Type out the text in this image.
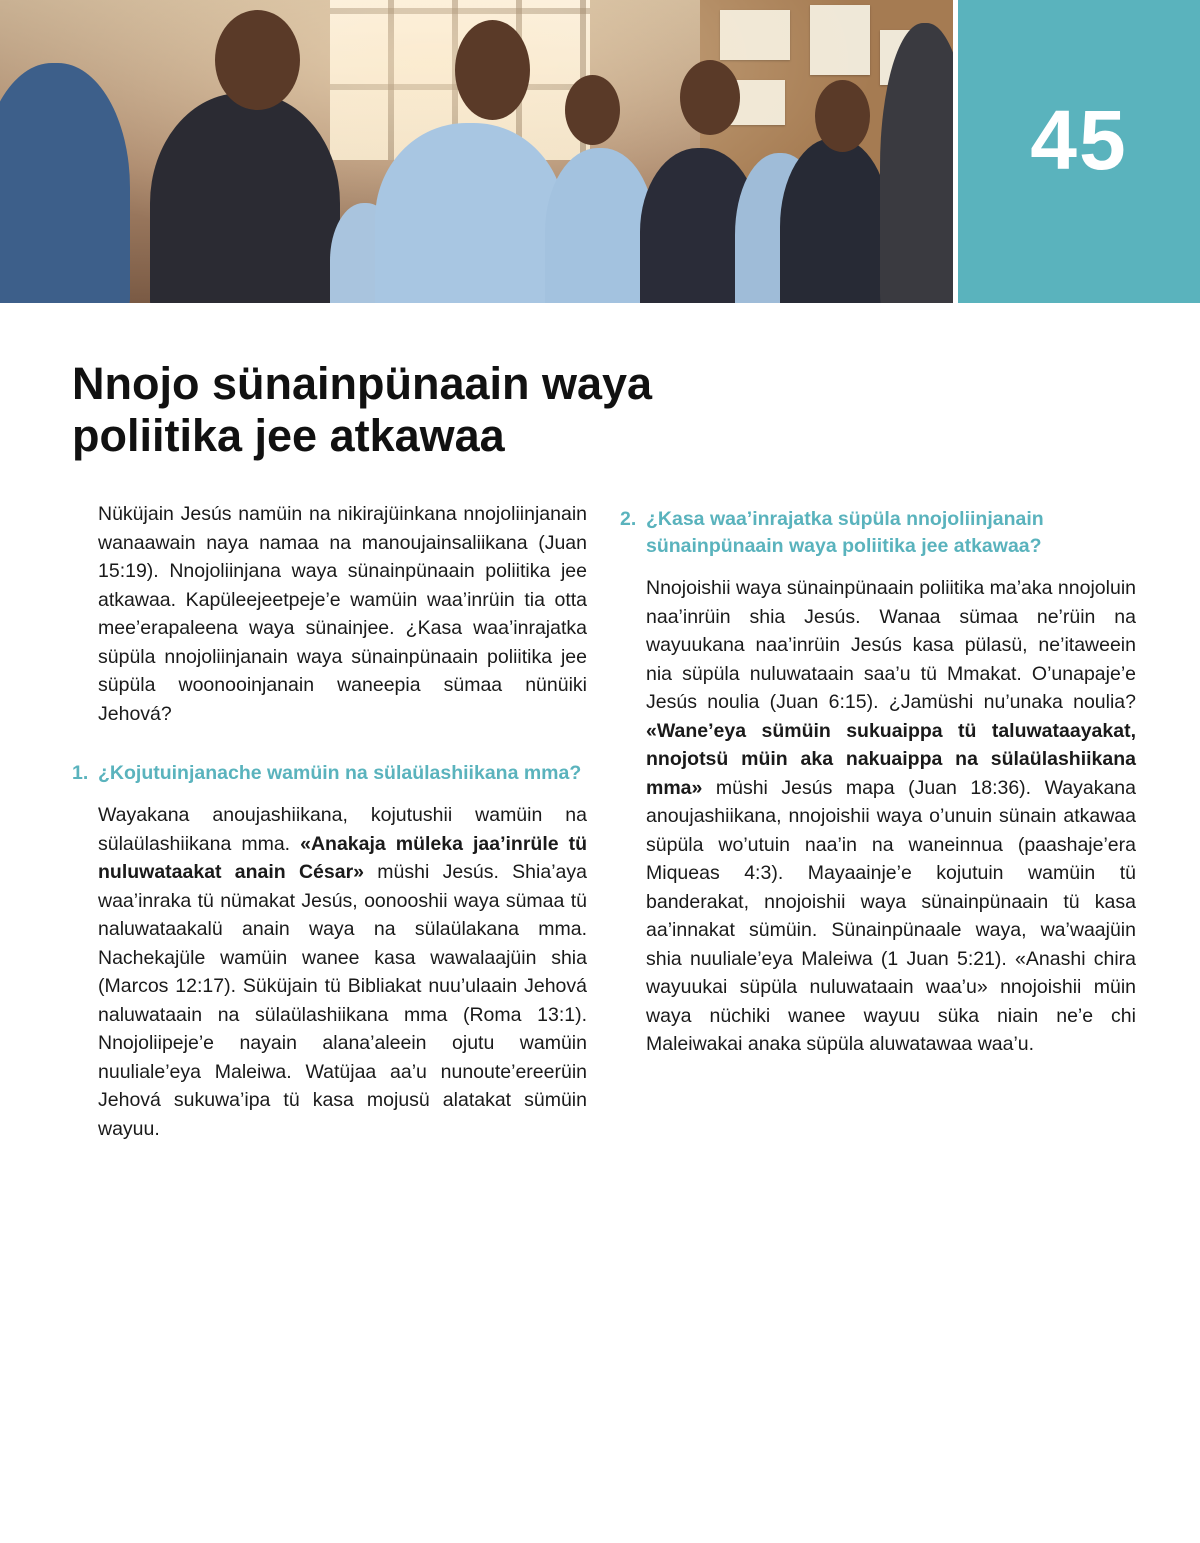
45
Nnojo sünainpünaain waya poliitika jee atkawaa

Nüküjain Jesús namüin na nikirajüinkana nnojoliinjanain wanaawain naya namaa na manoujainsaliikana (Juan 15:19). Nnojoliinjana waya sünainpünaain poliitika jee atkawaa. Kapüleejeetpeje’e wamüin waa’inrüin tia otta mee’erapaleena waya sünainjee. ¿Kasa waa’inrajatka süpüla nnojoliinjanain waya sünainpünaain poliitika jee süpüla woonooinjanain waneepia sümaa nünüiki Jehová?

1. ¿Kojutuinjanache wamüin na sülaülashiikana mma?

Wayakana anoujashiikana, kojutushii wamüin na sülaülashiikana mma. «Anakaja müleka jaa’inrüle tü nuluwataakat anain César» müshi Jesús. Shia’aya waa’inraka tü nümakat Jesús, oonooshii waya sümaa tü naluwataakalü anain waya na sülaülakana mma. Nachekajüle wamüin wanee kasa wawalaajüin shia (Marcos 12:17). Süküjain tü Bibliakat nuu’ulaain Jehová naluwataain na sülaülashiikana mma (Roma 13:1). Nnojoliipeje’e nayain alana’aleein ojutu wamüin nuuliale’eya Maleiwa. Watüjaa aa’u nunoute’ereerüin Jehová sukuwa’ipa tü kasa mojusü alatakat sümüin wayuu.

2. ¿Kasa waa’inrajatka süpüla nnojoliinjanain sünainpünaain waya poliitika jee atkawaa?

Nnojoishii waya sünainpünaain poliitika ma’aka nnojoluin naa’inrüin shia Jesús. Wanaa sümaa ne’rüin na wayuukana naa’inrüin Jesús kasa pülasü, ne’itaweein nia süpüla nuluwataain saa’u tü Mmakat. O’unapaje’e Jesús noulia (Juan 6:15). ¿Jamüshi nu’unaka noulia? «Wane’eya sümüin sukuaippa tü taluwataayakat, nnojotsü müin aka nakuaippa na sülaülashiikana mma» müshi Jesús mapa (Juan 18:36). Wayakana anoujashiikana, nnojoishii waya o’unuin sünain atkawaa süpüla wo’utuin naa’in na waneinnua (paashaje’era Miqueas 4:3). Mayaainje’e kojutuin wamüin tü banderakat, nnojoishii waya sünainpünaain tü kasa aa’innakat sümüin. Sünainpünaale waya, wa’waajüin shia nuuliale’eya Maleiwa (1 Juan 5:21). «Anashi chira wayuukai süpüla nuluwataain waa’u» nnojoishii müin waya nüchiki wanee wayuu süka niain ne’e chi Maleiwakai anaka süpüla aluwatawaa waa’u.
